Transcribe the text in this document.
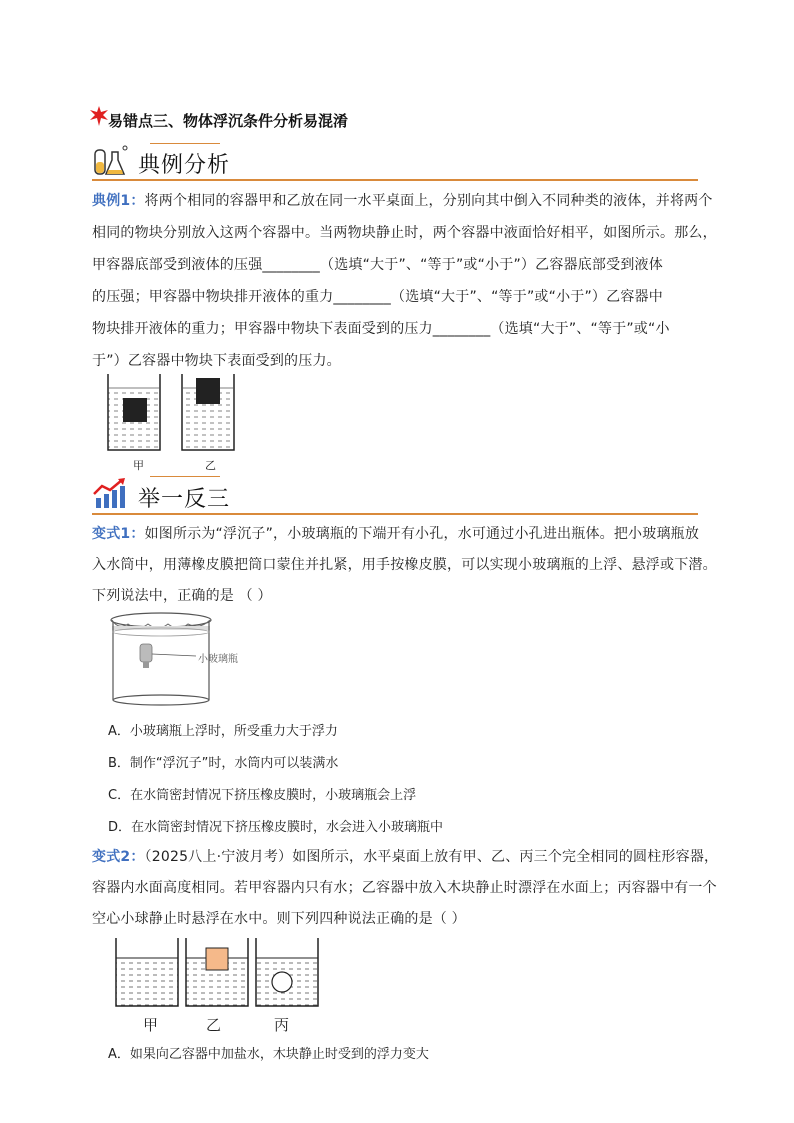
易错点三、物体浮沉条件分析易混淆
典例分析
典例1：将两个相同的容器甲和乙放在同一水平桌面上，分别向其中倒入不同种类的液体，并将两个
相同的物块分别放入这两个容器中。当两物块静止时，两个容器中液面恰好相平，如图所示。那么，
甲容器底部受到液体的压强________（选填“大于”、“等于”或“小于”）乙容器底部受到液体
的压强；甲容器中物块排开液体的重力________（选填“大于”、“等于”或“小于”）乙容器中
物块排开液体的重力；甲容器中物块下表面受到的压力________（选填“大于”、“等于”或“小
于”）乙容器中物块下表面受到的压力。
甲	乙
举一反三
变式1：如图所示为“浮沉子”，小玻璃瓶的下端开有小孔，水可通过小孔进出瓶体。把小玻璃瓶放
入水筒中，用薄橡皮膜把筒口蒙住并扎紧，用手按橡皮膜，可以实现小玻璃瓶的上浮、悬浮或下潜。
下列说法中，正确的是 （ ）
小玻璃瓶
A．小玻璃瓶上浮时，所受重力大于浮力
B．制作“浮沉子”时，水筒内可以装满水
C．在水筒密封情况下挤压橡皮膜时，小玻璃瓶会上浮
D．在水筒密封情况下挤压橡皮膜时，水会进入小玻璃瓶中
变式2：（2025八上·宁波月考）如图所示，水平桌面上放有甲、乙、丙三个完全相同的圆柱形容器，
容器内水面高度相同。若甲容器内只有水；乙容器中放入木块静止时漂浮在水面上；丙容器中有一个
空心小球静止时悬浮在水中。则下列四种说法正确的是（ ）
甲	乙	丙
A．如果向乙容器中加盐水，木块静止时受到的浮力变大
